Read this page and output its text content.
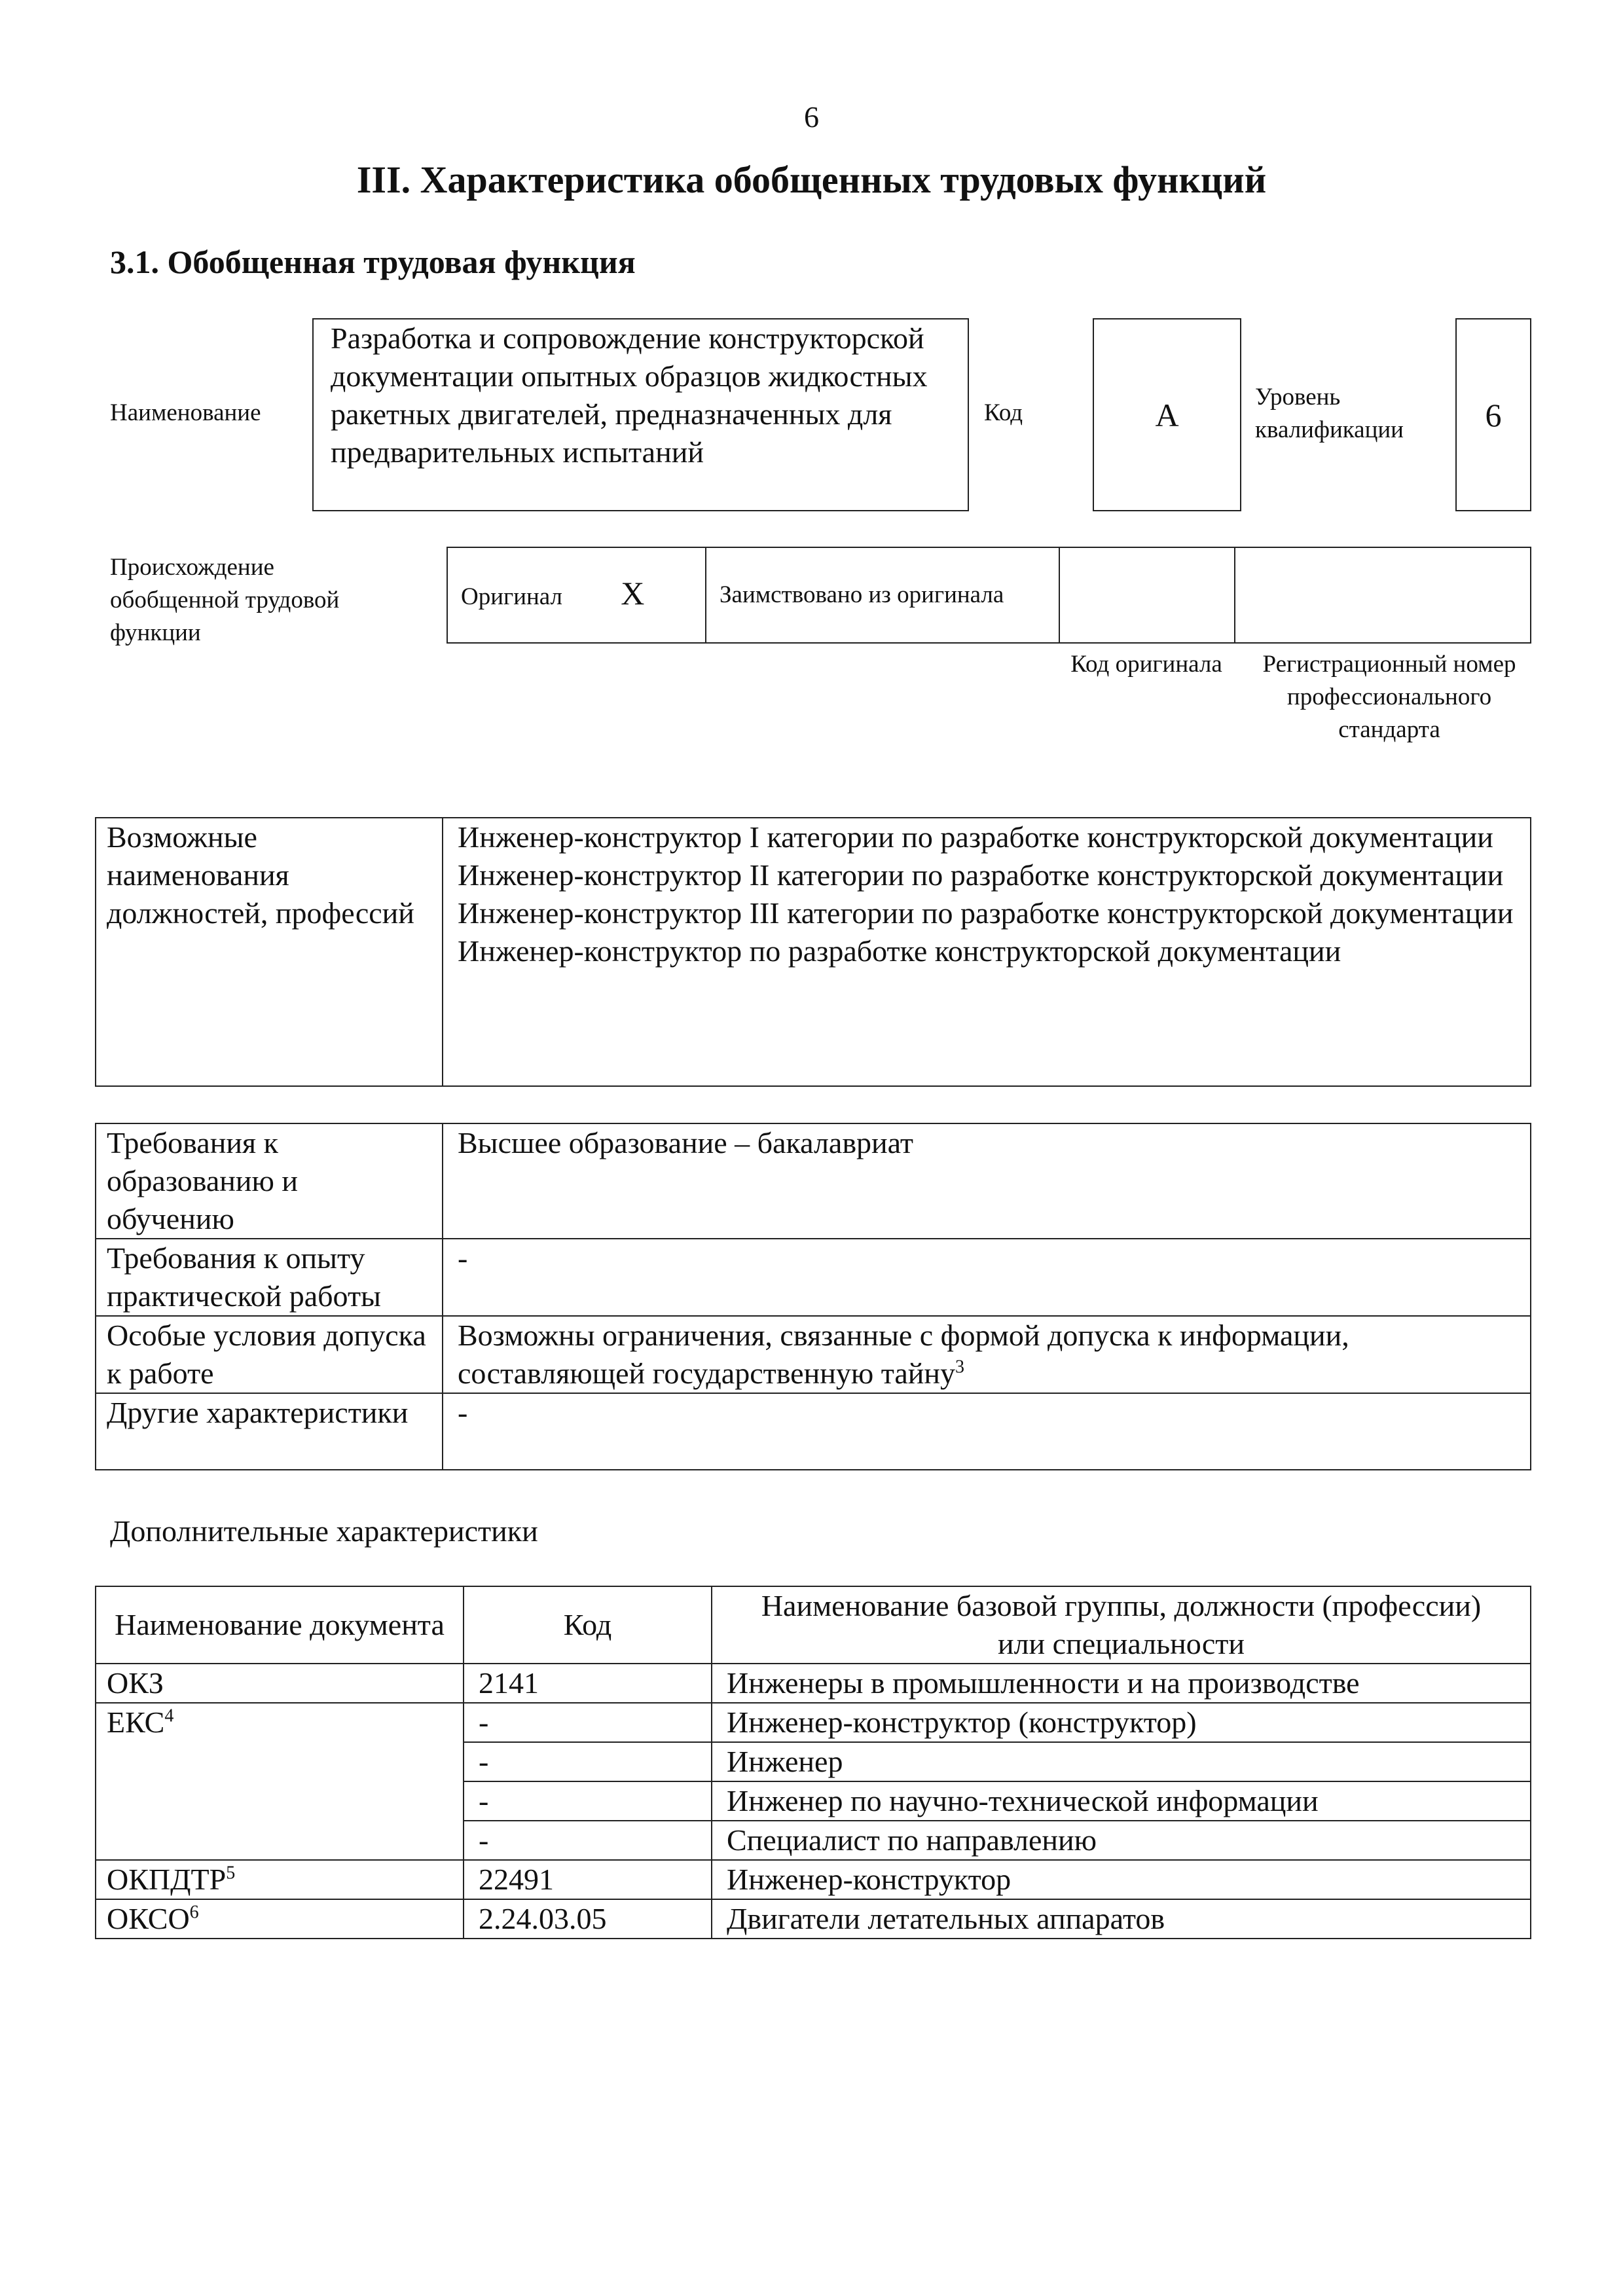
6
III. Характеристика обобщенных трудовых функций
3.1. Обобщенная трудовая функция
Наименование
Разработка и сопровождение конструкторской документации опытных образцов жидкостных ракетных двигателей, предназначенных для предварительных испытаний
Код	А	Уровень квалификации	6
Происхождение обобщенной трудовой функции
Оригинал Х	Заимствовано из оригинала		
Код оригинала	Регистрационный номер профессионального стандарта
Возможные наименования должностей, профессий	
Инженер-конструктор I категории по разработке конструкторской документации
Инженер-конструктор II категории по разработке конструкторской документации
Инженер-конструктор III категории по разработке конструкторской документации
Инженер-конструктор по разработке конструкторской документации
Требования к образованию и обучению	Высшее образование – бакалавриат
Требования к опыту практической работы	-
Особые условия допуска к работе	Возможны ограничения, связанные с формой допуска к информации, составляющей государственную тайну$^3$
Другие характеристики	-
Дополнительные характеристики
Наименование документа	Код	Наименование базовой группы, должности (профессии) или специальности
ОКЗ	2141	Инженеры в промышленности и на производстве
ЕКС$^4$	-	Инженер-конструктор (конструктор)
	-	Инженер
	-	Инженер по научно-технической информации
	-	Специалист по направлению
ОКПДТР$^5$	22491	Инженер-конструктор
ОКСО$^6$	2.24.03.05	Двигатели летательных аппаратов
